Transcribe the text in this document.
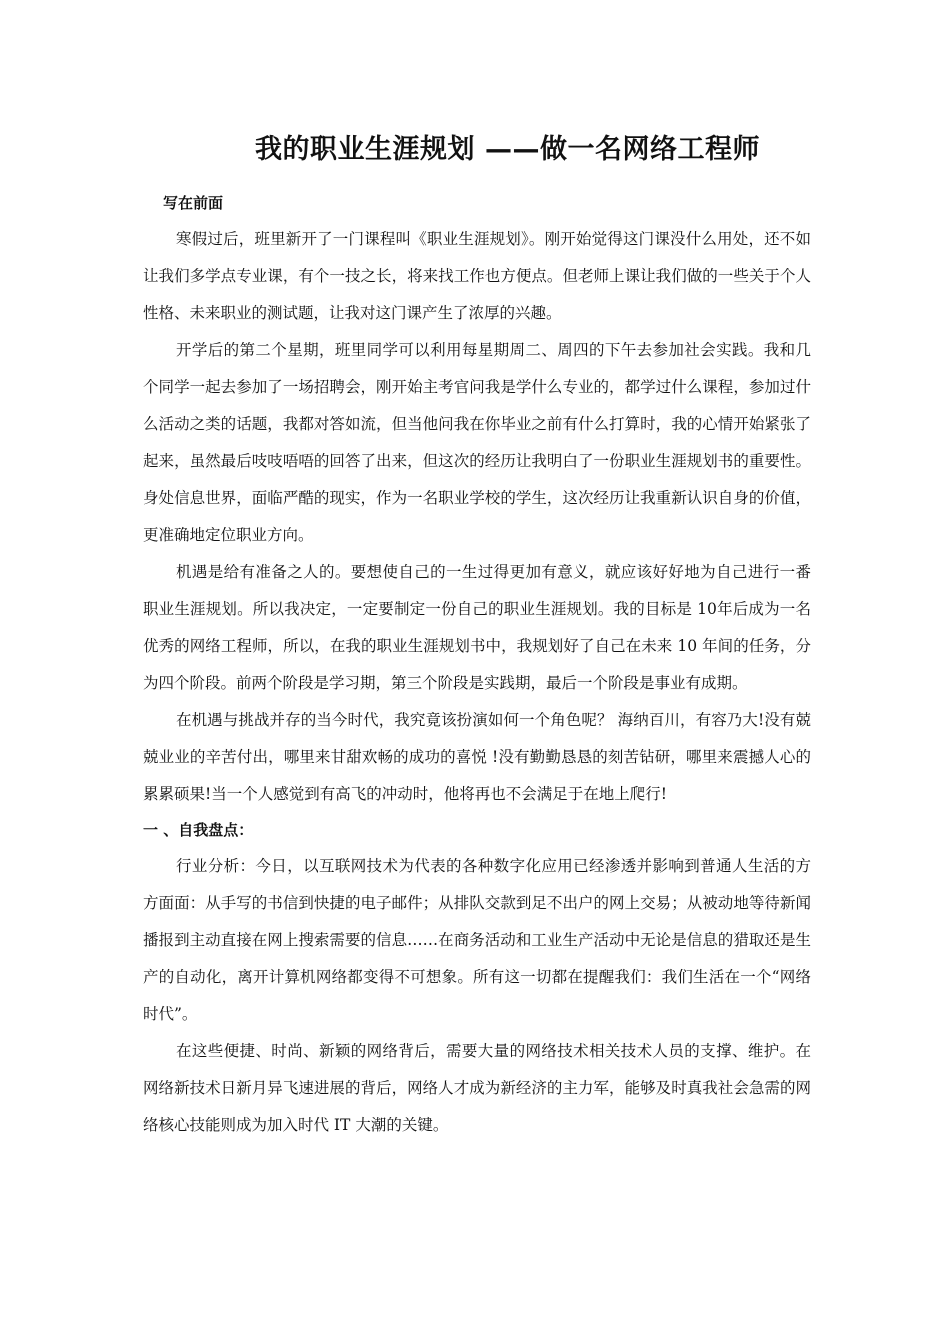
我的职业生涯规划 ——做一名网络工程师
写在前面

寒假过后，班里新开了一门课程叫《职业生涯规划》。刚开始觉得这门课没什么用处，还不如让我们多学点专业课，有个一技之长，将来找工作也方便点。但老师上课让我们做的一些关于个人性格、未来职业的测试题，让我对这门课产生了浓厚的兴趣。

开学后的第二个星期，班里同学可以利用每星期周二、周四的下午去参加社会实践。我和几个同学一起去参加了一场招聘会，刚开始主考官问我是学什么专业的，都学过什么课程，参加过什么活动之类的话题，我都对答如流，但当他问我在你毕业之前有什么打算时，我的心情开始紧张了起来，虽然最后吱吱唔唔的回答了出来，但这次的经历让我明白了一份职业生涯规划书的重要性。身处信息世界，面临严酷的现实，作为一名职业学校的学生，这次经历让我重新认识自身的价值，更准确地定位职业方向。

机遇是给有准备之人的。要想使自己的一生过得更加有意义，就应该好好地为自己进行一番职业生涯规划。所以我决定，一定要制定一份自己的职业生涯规划。我的目标是 10年后成为一名优秀的网络工程师，所以，在我的职业生涯规划书中，我规划好了自己在未来 10 年间的任务，分为四个阶段。前两个阶段是学习期，第三个阶段是实践期，最后一个阶段是事业有成期。

在机遇与挑战并存的当今时代，我究竟该扮演如何一个角色呢？ 海纳百川，有容乃大!没有兢兢业业的辛苦付出，哪里来甘甜欢畅的成功的喜悦 !没有勤勤恳恳的刻苦钻研，哪里来震撼人心的累累硕果!当一个人感觉到有高飞的冲动时，他将再也不会满足于在地上爬行!

一 、自我盘点：

行业分析：今日，以互联网技术为代表的各种数字化应用已经渗透并影响到普通人生活的方方面面：从手写的书信到快捷的电子邮件；从排队交款到足不出户的网上交易；从被动地等待新闻播报到主动直接在网上搜索需要的信息……在商务活动和工业生产活动中无论是信息的猎取还是生产的自动化，离开计算机网络都变得不可想象。所有这一切都在提醒我们：我们生活在一个“网络时代”。

在这些便捷、时尚、新颖的网络背后，需要大量的网络技术相关技术人员的支撑、维护。在网络新技术日新月异飞速进展的背后，网络人才成为新经济的主力军，能够及时真我社会急需的网络核心技能则成为加入时代 IT 大潮的关键。
